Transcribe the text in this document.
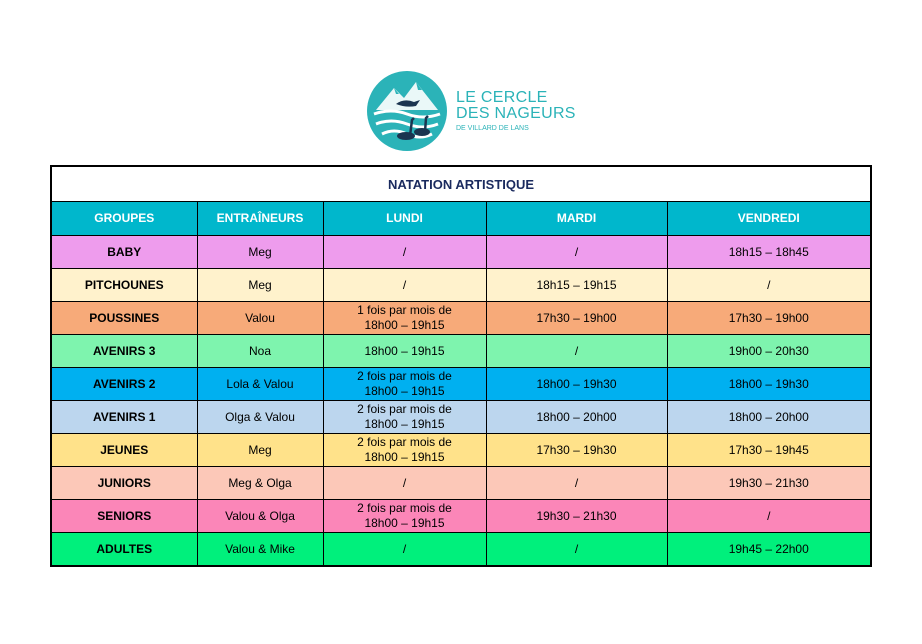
LE CERCLE
DES NAGEURS
DE VILLARD DE LANS
NATATION ARTISTIQUE				
GROUPES	ENTRAÎNEURS	LUNDI	MARDI	VENDREDI
BABY	Meg	/	/	18h15 – 18h45
PITCHOUNES	Meg	/	18h15 – 19h15	/
POUSSINES	Valou	1 fois par mois de
18h00 – 19h15	17h30 – 19h00	17h30 – 19h00
AVENIRS 3	Noa	18h00 – 19h15	/	19h00 – 20h30
AVENIRS 2	Lola & Valou	2 fois par mois de
18h00 – 19h15	18h00 – 19h30	18h00 – 19h30
AVENIRS 1	Olga & Valou	2 fois par mois de
18h00 – 19h15	18h00 – 20h00	18h00 – 20h00
JEUNES	Meg	2 fois par mois de
18h00 – 19h15	17h30 – 19h30	17h30 – 19h45
JUNIORS	Meg & Olga	/	/	19h30 – 21h30
SENIORS	Valou & Olga	2 fois par mois de
18h00 – 19h15	19h30 – 21h30	/
ADULTES	Valou & Mike	/	/	19h45 – 22h00
